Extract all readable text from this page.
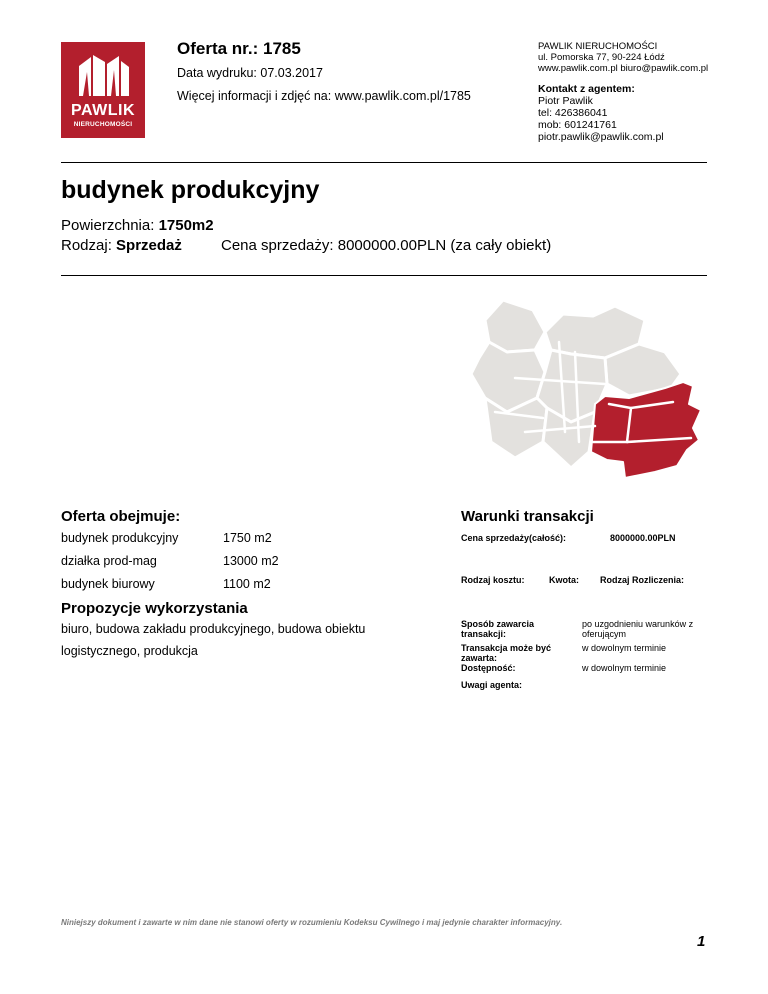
PAWLIK
NIERUCHOMOŚCI
Oferta nr.: 1785
Data wydruku: 07.03.2017
Więcej informacji i zdjęć na: www.pawlik.com.pl/1785
PAWLIK NIERUCHOMOŚCI
ul. Pomorska 77, 90-224 Łódź
www.pawlik.com.pl biuro@pawlik.com.pl
Kontakt z agentem:
Piotr Pawlik
tel: 426386041
mob: 601241761
piotr.pawlik@pawlik.com.pl
budynek produkcyjny
Powierzchnia: 1750m2
Rodzaj: Sprzedaż	Cena sprzedaży: 8000000.00PLN (za cały obiekt)
Oferta obejmuje:
budynek produkcyjny	1750 m2
działka prod-mag	13000 m2
budynek biurowy	1100 m2
Propozycje wykorzystania
biuro, budowa zakładu produkcyjnego, budowa obiektu logistycznego, produkcja
Warunki transakcji
Cena sprzedaży(całość):	8000000.00PLN
Rodzaj kosztu:	Kwota: Rodzaj Rozliczenia:
Sposób zawarcia transakcji:
po uzgodnieniu warunków z oferującym
Transakcja może być zawarta:
w dowolnym terminie
Dostępność:	w dowolnym terminie
Uwagi agenta:
Niniejszy dokument i zawarte w nim dane nie stanowi oferty w rozumieniu Kodeksu Cywilnego i maj jedynie charakter informacyjny.
1
